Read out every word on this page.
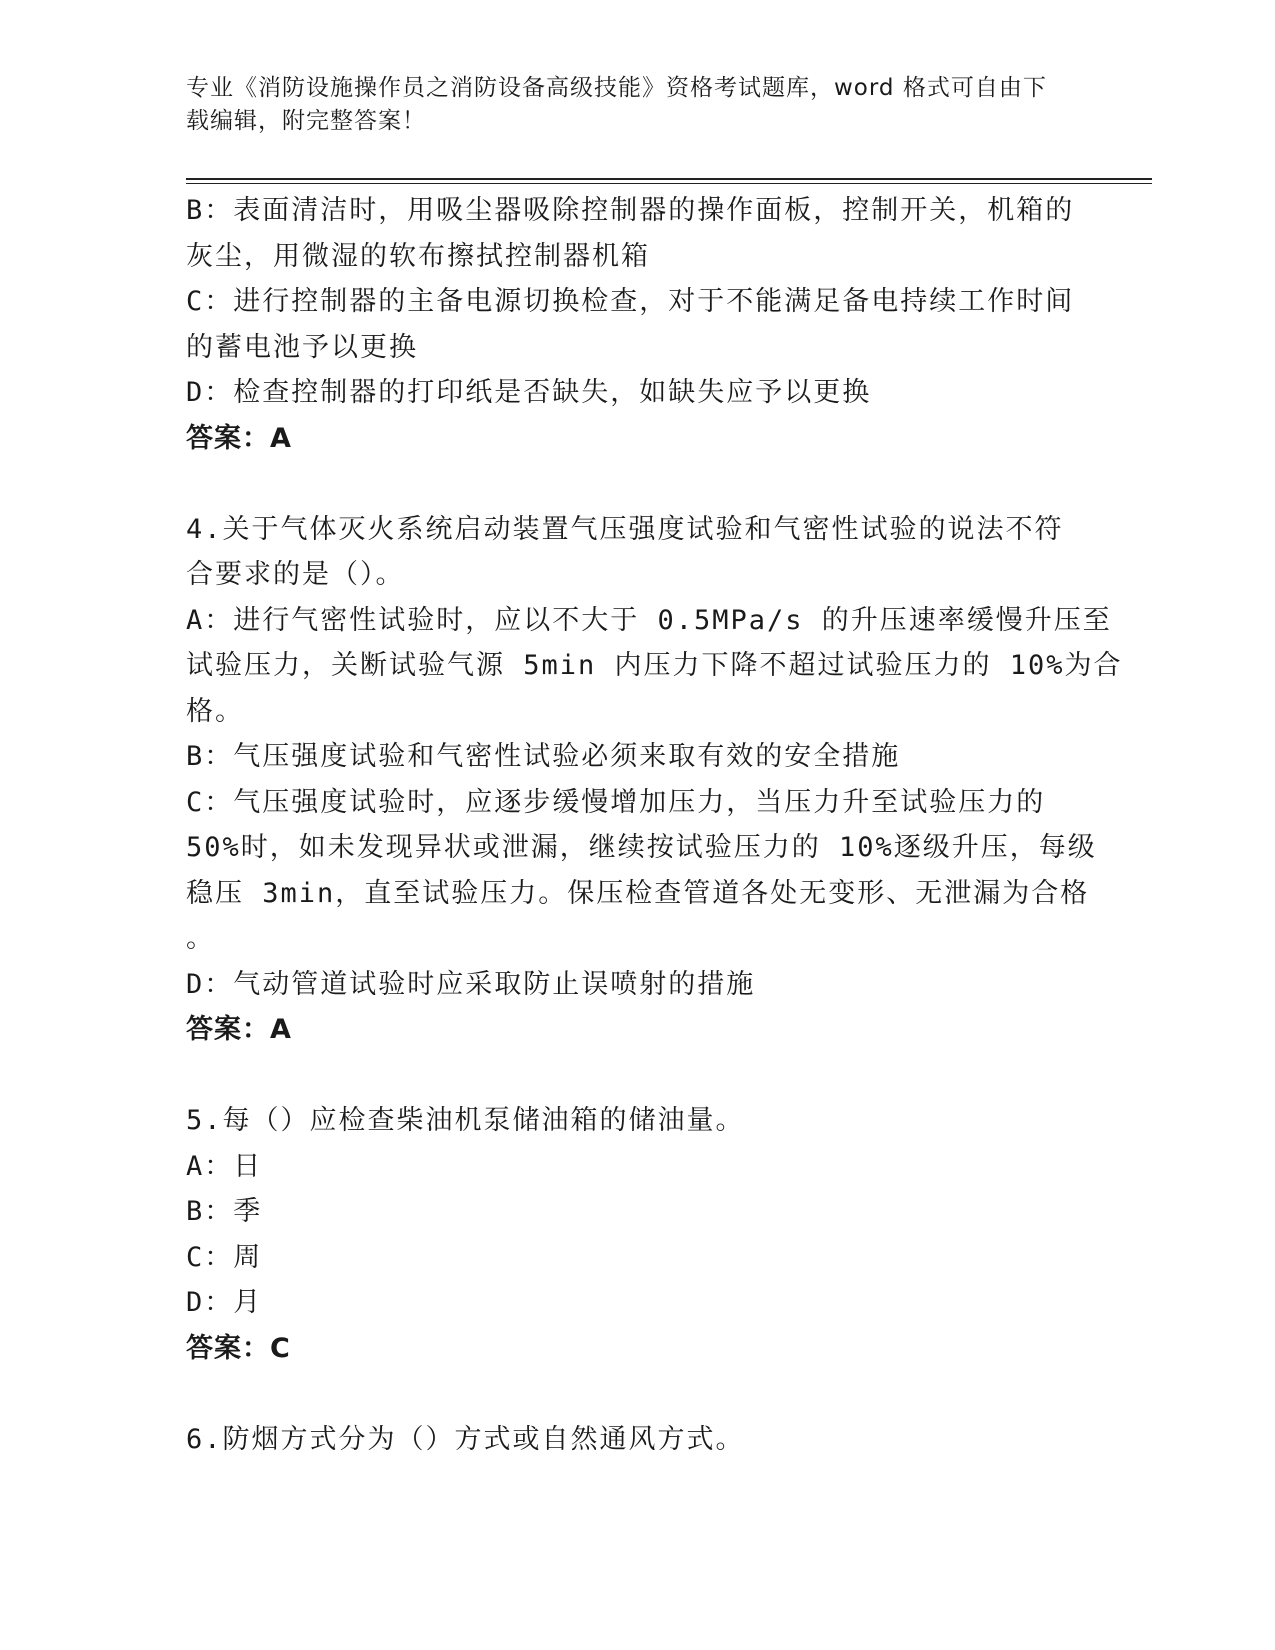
专业《消防设施操作员之消防设备高级技能》资格考试题库，word 格式可自由下
载编辑，附完整答案！
B：表面清洁时，用吸尘器吸除控制器的操作面板，控制开关，机箱的
灰尘，用微湿的软布擦拭控制器机箱
C：进行控制器的主备电源切换检查，对于不能满足备电持续工作时间
的蓄电池予以更换
D：检查控制器的打印纸是否缺失，如缺失应予以更换
答案：A
4.关于气体灭火系统启动装置气压强度试验和气密性试验的说法不符
合要求的是（）。
A：进行气密性试验时，应以不大于 0.5MPa/s 的升压速率缓慢升压至
试验压力，关断试验气源 5min 内压力下降不超过试验压力的 10%为合
格。
B：气压强度试验和气密性试验必须来取有效的安全措施
C：气压强度试验时，应逐步缓慢增加压力，当压力升至试验压力的
50%时，如未发现异状或泄漏，继续按试验压力的 10%逐级升压，每级
稳压 3min，直至试验压力。保压检查管道各处无变形、无泄漏为合格
。
D：气动管道试验时应采取防止误喷射的措施
答案：A
5.每（）应检查柴油机泵储油箱的储油量。
A：日
B：季
C：周
D：月
答案：C
6.防烟方式分为（）方式或自然通风方式。
